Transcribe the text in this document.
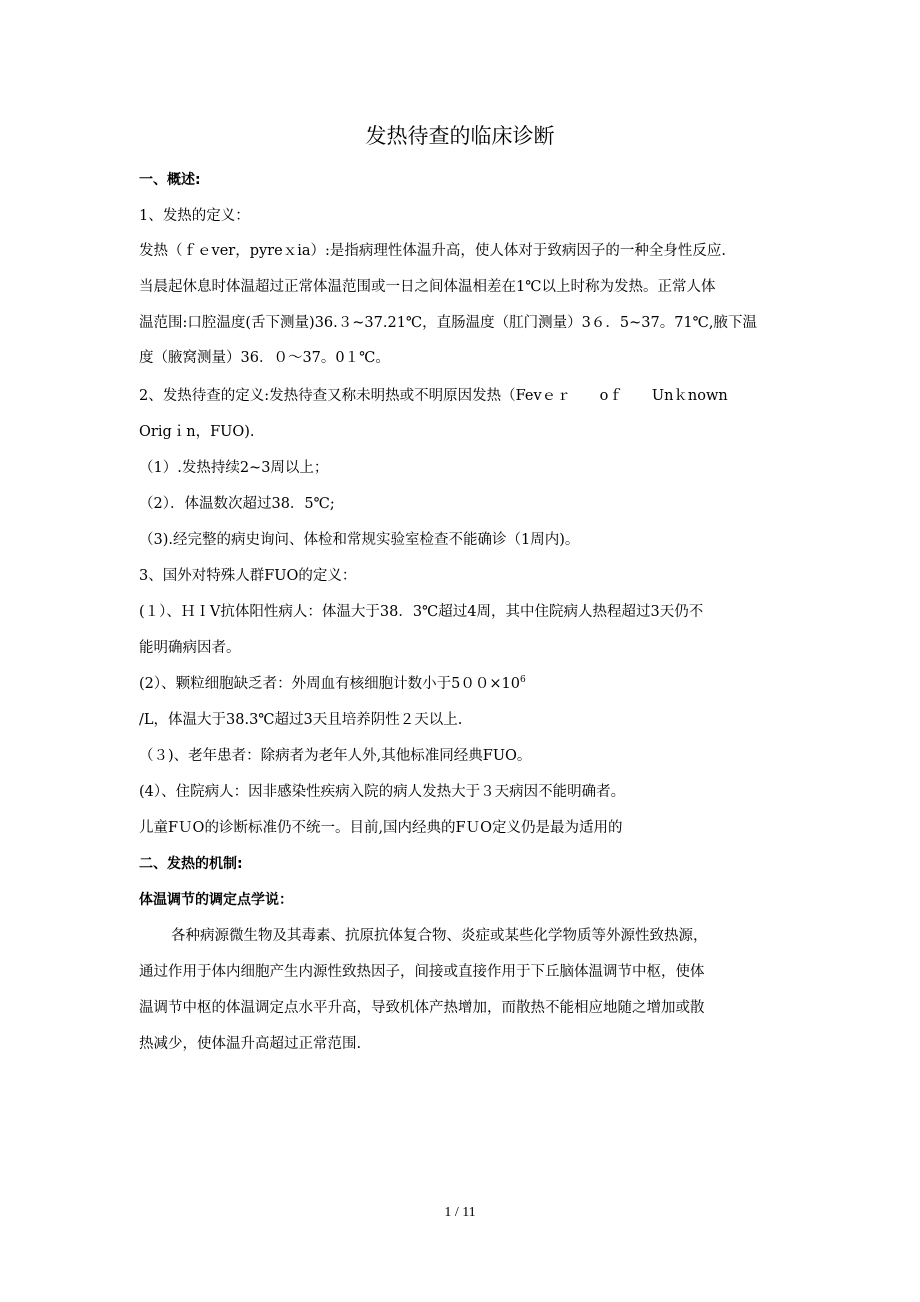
发热待查的临床诊断
一、概述:
1、发热的定义：
发热（ｆｅver，pyreｘia）:是指病理性体温升高，使人体对于致病因子的一种全身性反应.
当晨起休息时体温超过正常体温范围或一日之间体温相差在1℃以上时称为发热。正常人体
温范围:口腔温度(舌下测量)36.３~37.21℃，直肠温度（肛门测量）3６．5~37。71℃,腋下温
度（腋窝测量）36．０～37。0１℃。
2、发热待查的定义:发热待查又称未明热或不明原因发热（Fevｅｒ　　oｆ　　Unｋnown
Origｉn，FUO).
（1）.发热持续2~3周以上；
（2）．体温数次超过38．5℃;
（3).经完整的病史询问、体检和常规实验室检查不能确诊（1周内)。
3、国外对特殊人群FUO的定义：
(１）、ＨＩV抗体阳性病人：体温大于38．3℃超过4周，其中住院病人热程超过3天仍不
能明确病因者。
(2）、颗粒细胞缺乏者：外周血有核细胞计数小于$500\times 10^6$
/L，体温大于38.3℃超过3天且培养阴性２天以上.
（３)、老年患者：除病者为老年人外,其他标准同经典FUO。
(4）、住院病人：因非感染性疾病入院的病人发热大于３天病因不能明确者。
儿童FＵO的诊断标准仍不统一。目前,国内经典的FＵO定义仍是最为适用的
二、发热的机制:
体温调节的调定点学说：
各种病源微生物及其毒素、抗原抗体复合物、炎症或某些化学物质等外源性致热源，
通过作用于体内细胞产生内源性致热因子，间接或直接作用于下丘脑体温调节中枢，使体
温调节中枢的体温调定点水平升高，导致机体产热增加，而散热不能相应地随之增加或散
热减少，使体温升高超过正常范围.
1 / 11
